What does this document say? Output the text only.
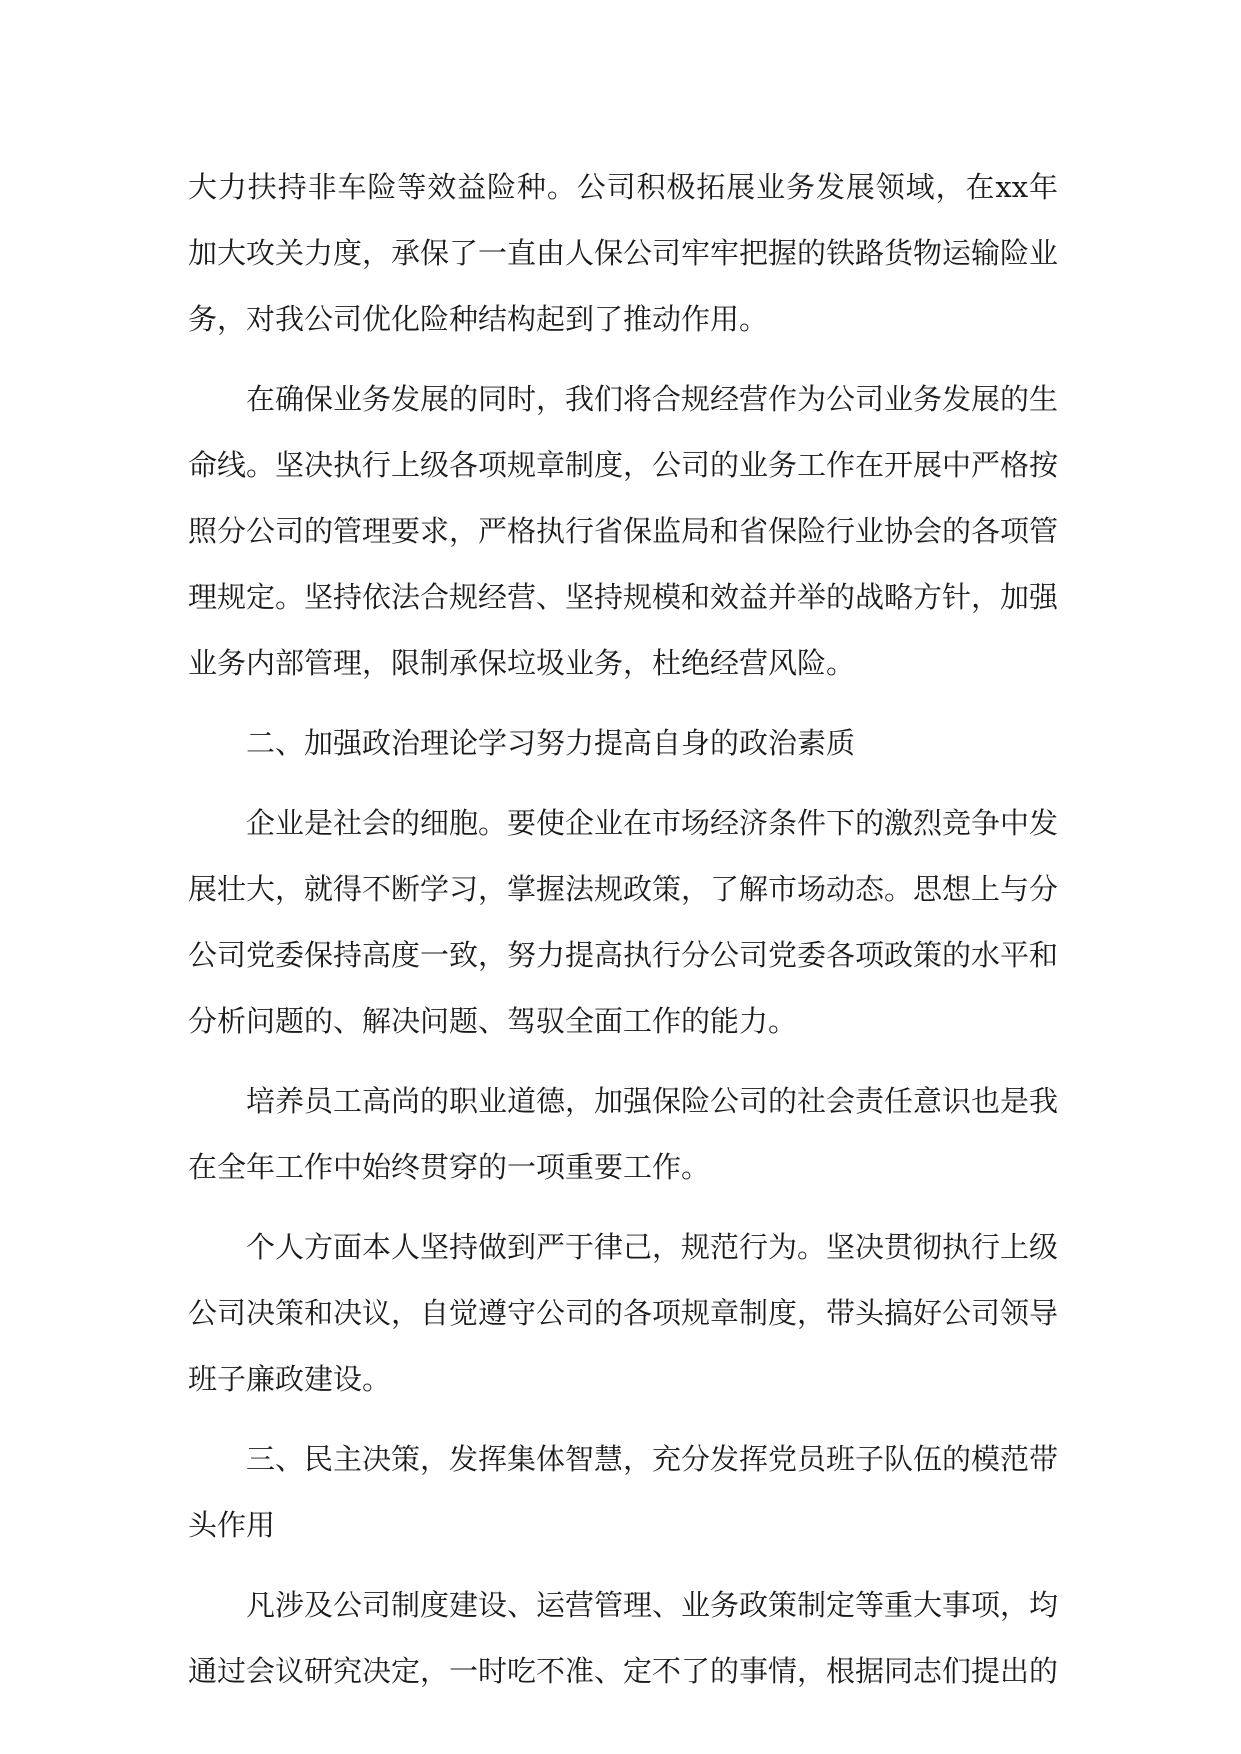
大力扶持非车险等效益险种。公司积极拓展业务发展领域，在xx年加大攻关力度，承保了一直由人保公司牢牢把握的铁路货物运输险业务，对我公司优化险种结构起到了推动作用。

在确保业务发展的同时，我们将合规经营作为公司业务发展的生命线。坚决执行上级各项规章制度，公司的业务工作在开展中严格按照分公司的管理要求，严格执行省保监局和省保险行业协会的各项管理规定。坚持依法合规经营、坚持规模和效益并举的战略方针，加强业务内部管理，限制承保垃圾业务，杜绝经营风险。

二、加强政治理论学习努力提高自身的政治素质

企业是社会的细胞。要使企业在市场经济条件下的激烈竞争中发展壮大，就得不断学习，掌握法规政策，了解市场动态。思想上与分公司党委保持高度一致，努力提高执行分公司党委各项政策的水平和分析问题的、解决问题、驾驭全面工作的能力。

培养员工高尚的职业道德，加强保险公司的社会责任意识也是我在全年工作中始终贯穿的一项重要工作。

个人方面本人坚持做到严于律己，规范行为。坚决贯彻执行上级公司决策和决议，自觉遵守公司的各项规章制度，带头搞好公司领导班子廉政建设。

三、民主决策，发挥集体智慧，充分发挥党员班子队伍的模范带头作用

凡涉及公司制度建设、运营管理、业务政策制定等重大事项，均通过会议研究决定，一时吃不准、定不了的事情，根据同志们提出的
